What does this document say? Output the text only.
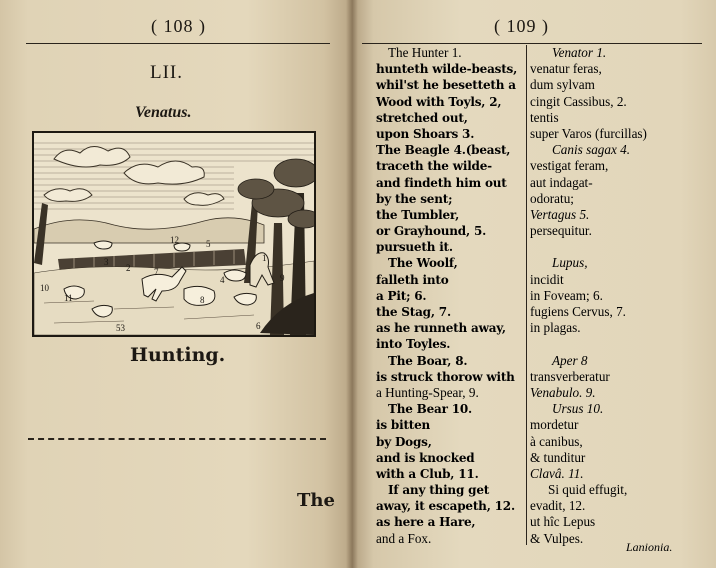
( 108 )
LII.
Venatus.
1
2
3
4
5
6
7
8
9
10
11
12
53
Hunting.
The
( 109 )
The Hunter 1.
hunteth wilde-beasts,
whil'st he besetteth a
Wood with Toyls, 2,
stretched out,
upon Shoars 3.
The Beagle 4.(beast,
traceth the wilde-
and findeth him out
by the sent;
the Tumbler,
or Grayhound, 5.
pursueth it.
The Woolf,
falleth into
a Pit; 6.
the Stag, 7.
as he runneth away,
into Toyles.
The Boar, 8.
is struck thorow with
a Hunting-Spear, 9.
The Bear 10.
is bitten
by Dogs,
and is knocked
with a Club, 11.
If any thing get
away, it escapeth, 12.
as here a Hare,
and a Fox.
Venator 1.
venatur feras,
dum sylvam
cingit Cassibus, 2.
tentis
super Varos (furcillas)
Canis sagax 4.
vestigat feram,
aut indagat-
odoratu;
Vertagus 5.
persequitur.
Lupus,
incidit
in Foveam; 6.
fugiens Cervus, 7.
in plagas.
Aper 8
transverberatur
Venabulo. 9.
Ursus 10.
mordetur
à canibus,
& tunditur
Clavâ. 11.
Si quid effugit,
evadit, 12.
ut hîc Lepus
& Vulpes.
Lanionia.
